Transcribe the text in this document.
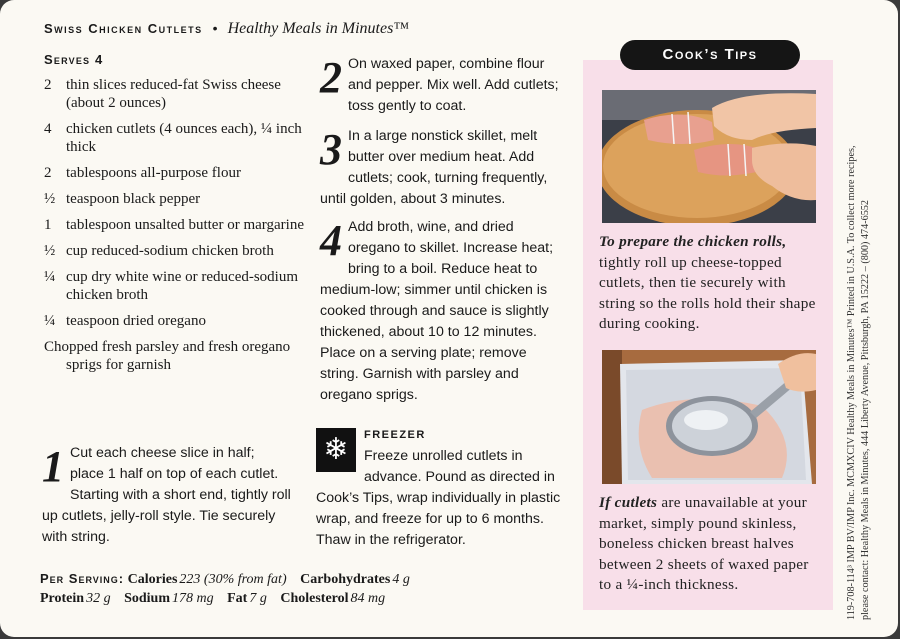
Swiss Chicken Cutlets • Healthy Meals in Minutes™
Serves 4
2 thin slices reduced-fat Swiss cheese (about 2 ounces)
4 chicken cutlets (4 ounces each), ¼ inch thick
2 tablespoons all-purpose flour
½ teaspoon black pepper
1 tablespoon unsalted butter or margarine
½ cup reduced-sodium chicken broth
¼ cup dry white wine or reduced-sodium chicken broth
¼ teaspoon dried oregano
Chopped fresh parsley and fresh oregano sprigs for garnish
1 Cut each cheese slice in half; place 1 half on top of each cutlet. Starting with a short end, tightly roll up cutlets, jelly-roll style. Tie securely with string.
2 On waxed paper, combine flour and pepper. Mix well. Add cutlets; toss gently to coat.
3 In a large nonstick skillet, melt butter over medium heat. Add cutlets; cook, turning frequently, until golden, about 3 minutes.
4 Add broth, wine, and dried oregano to skillet. Increase heat; bring to a boil. Reduce heat to medium-low; simmer until chicken is cooked through and sauce is slightly thickened, about 10 to 12 minutes. Place on a serving plate; remove string. Garnish with parsley and oregano sprigs.
❄	FREEZER
Freeze unrolled cutlets in advance. Pound as directed in Cook’s Tips, wrap individually in plastic wrap, and freeze for up to 6 months. Thaw in the refrigerator.
Per Serving: Calories 223 (30% from fat) Carbohydrates 4 g
Protein 32 g Sodium 178 mg Fat 7 g Cholesterol 84 mg
Cook’s Tips
To prepare the chicken rolls, tightly roll up cheese-topped cutlets, then tie securely with string so the rolls hold their shape during cooking.
If cutlets are unavailable at your market, simply pound skinless, boneless chicken breast halves between 2 sheets of waxed paper to a ¼-inch thickness.	119-708-114³ IMP BV/IMP Inc. MCMXCIV Healthy Meals in Minutes™ Printed in U.S.A. To collect more recipes, please contact: Healthy Meals in Minutes, 444 Liberty Avenue, Pittsburgh, PA 15222 – (800) 474-6552
